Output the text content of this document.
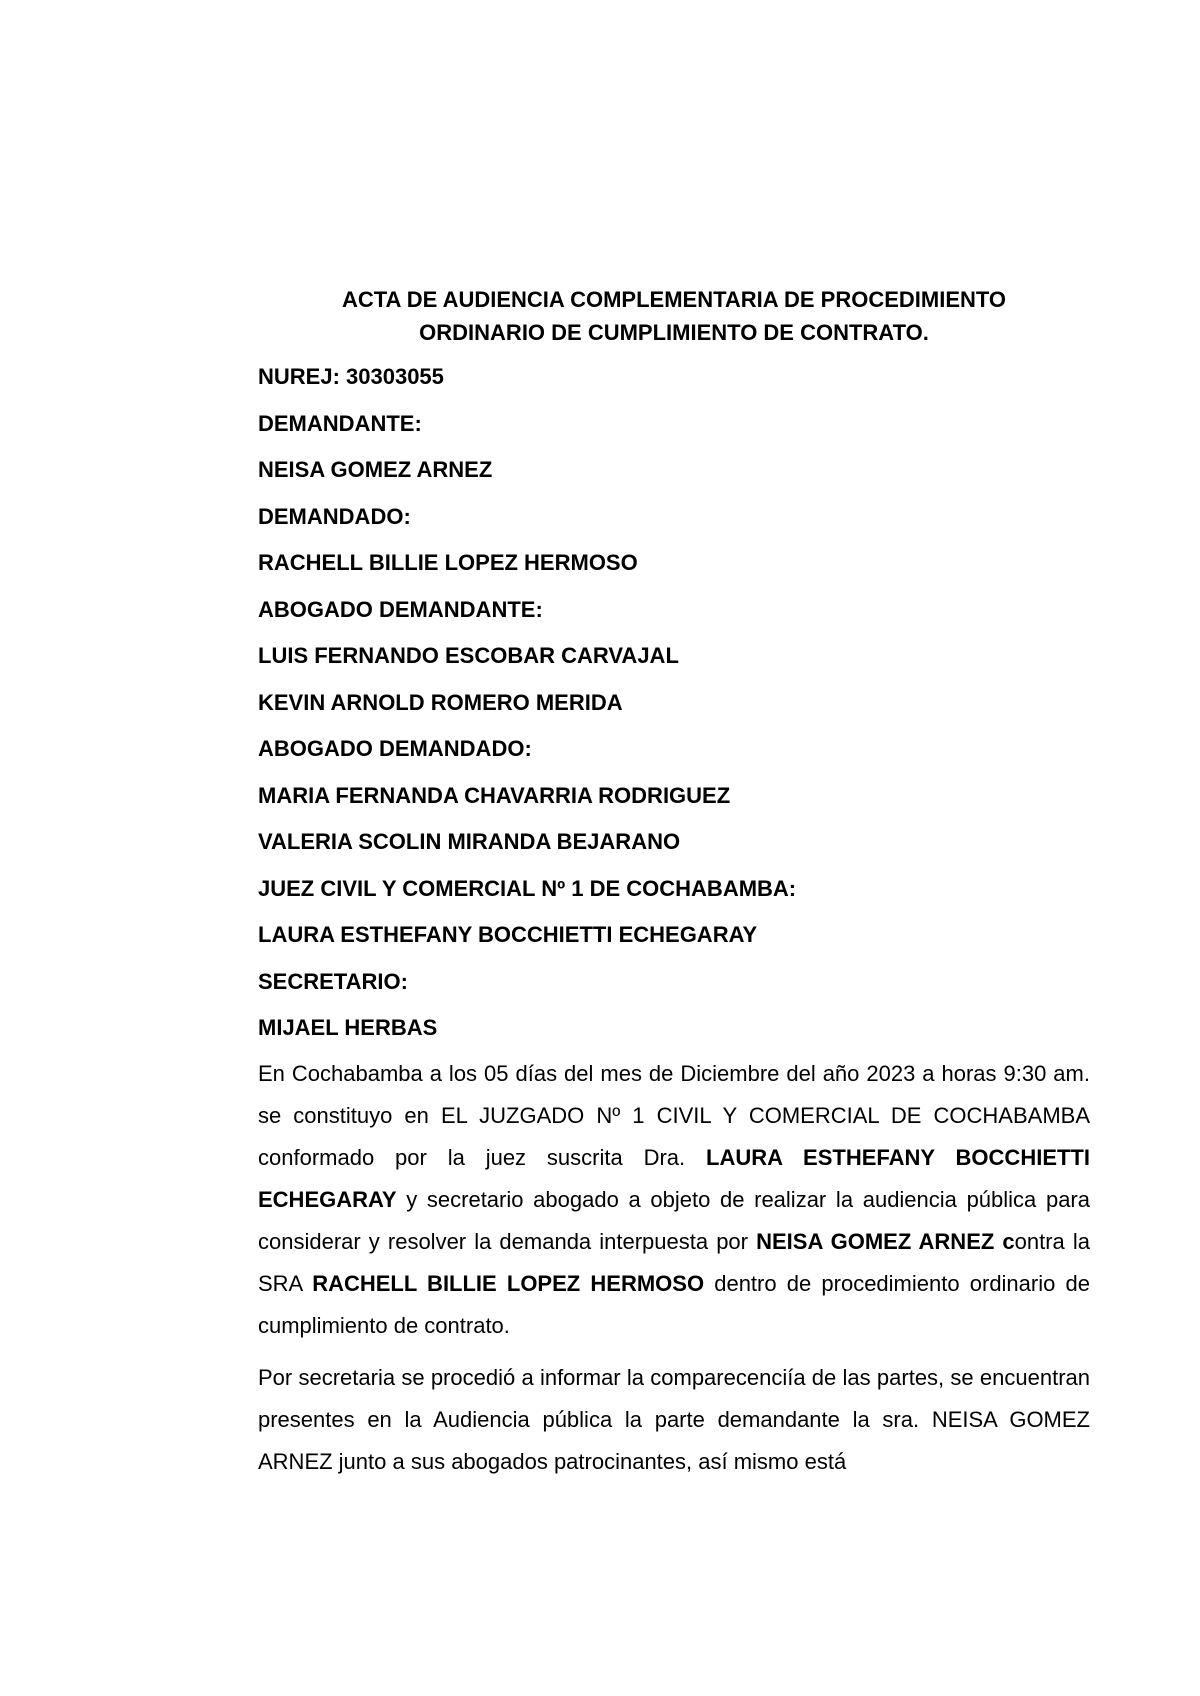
ACTA DE AUDIENCIA COMPLEMENTARIA DE PROCEDIMIENTO
ORDINARIO DE CUMPLIMIENTO DE CONTRATO.
NUREJ: 30303055
DEMANDANTE:
NEISA GOMEZ ARNEZ
DEMANDADO:
RACHELL BILLIE LOPEZ HERMOSO
ABOGADO DEMANDANTE:
LUIS FERNANDO ESCOBAR CARVAJAL
KEVIN ARNOLD ROMERO MERIDA
ABOGADO DEMANDADO:
MARIA FERNANDA CHAVARRIA RODRIGUEZ
VALERIA SCOLIN MIRANDA BEJARANO
JUEZ CIVIL Y COMERCIAL Nº 1 DE COCHABAMBA:
LAURA ESTHEFANY BOCCHIETTI ECHEGARAY
SECRETARIO:
MIJAEL HERBAS

En Cochabamba a los 05 días del mes de Diciembre del año 2023 a horas 9:30 am. se constituyo en EL JUZGADO Nº 1 CIVIL Y COMERCIAL DE COCHABAMBA conformado por la juez suscrita Dra. LAURA ESTHEFANY BOCCHIETTI ECHEGARAY y secretario abogado a objeto de realizar la audiencia pública para considerar y resolver la demanda interpuesta por NEISA GOMEZ ARNEZ contra la SRA RACHELL BILLIE LOPEZ HERMOSO dentro de procedimiento ordinario de cumplimiento de contrato.

Por secretaria se procedió a informar la comparecenciía de las partes, se encuentran presentes en la Audiencia pública la parte demandante la sra. NEISA GOMEZ ARNEZ junto a sus abogados patrocinantes, así mismo está
